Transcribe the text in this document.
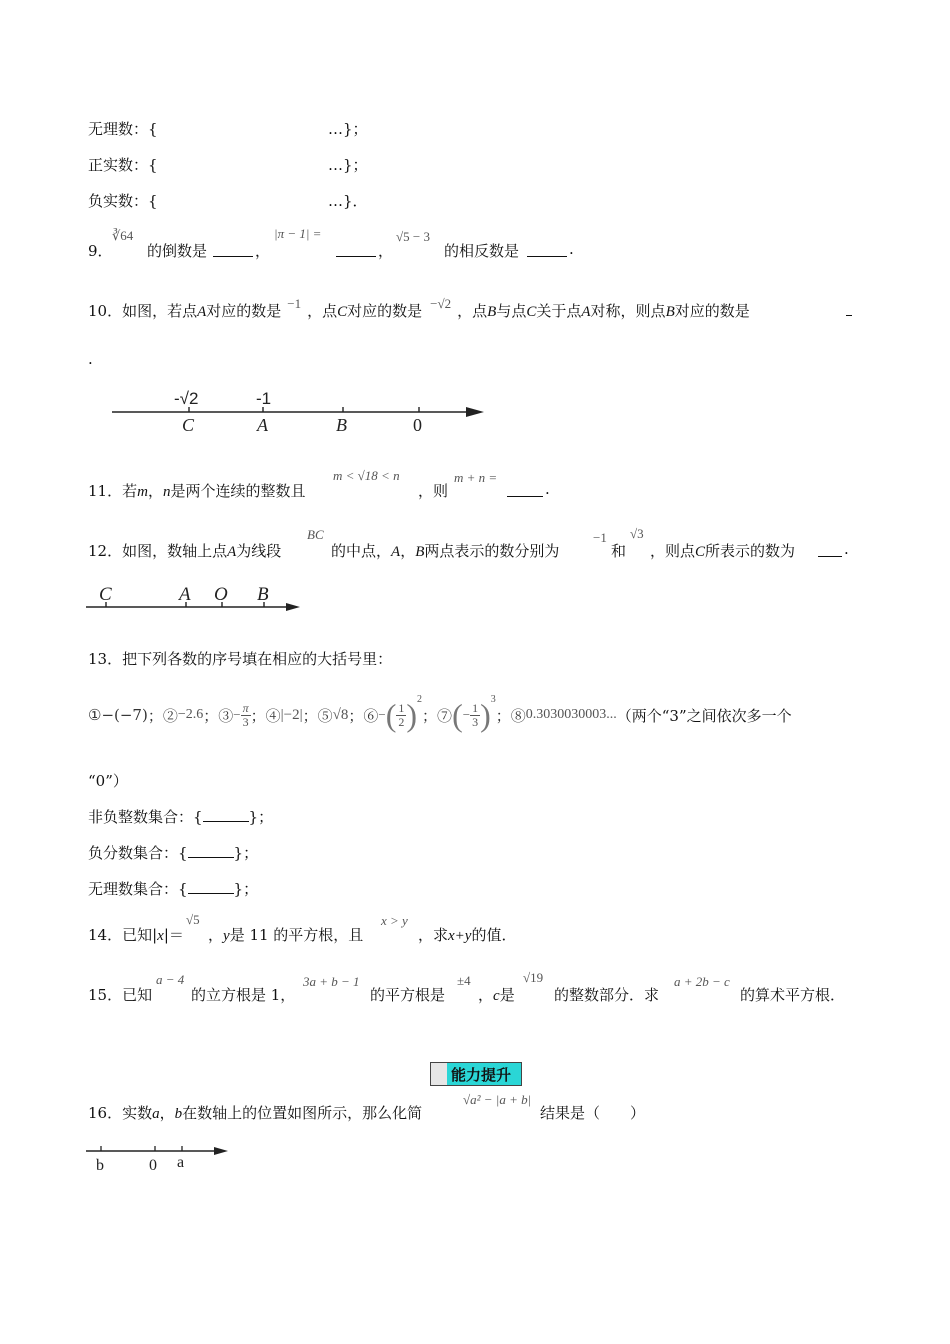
无理数：{	…}；
正实数：{	…}；
负实数：{	…}．
9．
∛64
的倒数是	，
|π − 1| =
，
√5 − 3
的相反数是	.
10．如图，若点A对应的数是 −1 ，点C对应的数是 −√2 ，点B与点C关于点A对称，则点B对应的数是
.
-√2	-1
C	A	B	0
11．若m，n是两个连续的整数且
m < √18 < n
，则
m + n =
.
12．如图，数轴上点A为线段
BC
的中点，A，B两点表示的数分别为
−1
和
√3
，则点C所表示的数为	.
C	A O B
13．把下列各数的序号填在相应的大括号里：
①−(−7) ；② −2.6 ；③ − $\frac{\pi}{3}$ ；④ |−2| ；⑤ √8 ；⑥ − ( $\frac{1}{2}$ ) 2
；⑦ ( − $\frac{1}{3}$ ) 3
；⑧ 0.3030030003... （两个“3”之间依次多一个
“0”）
非负整数集合：{	}；
负分数集合：{	}；
无理数集合：{	}；
14．已知|x|＝
√5
，y是 11 的平方根，且
x > y
，求x+y的值．
15．已知
a − 4
的立方根是 1，
3a + b − 1
的平方根是
±4
，c是
√19
的整数部分．求
a + 2b − c
的算术平方根．
能力提升
16．实数a，b在数轴上的位置如图所示，那么化简
√a² − |a + b|
结果是（　　）
b	0 a
